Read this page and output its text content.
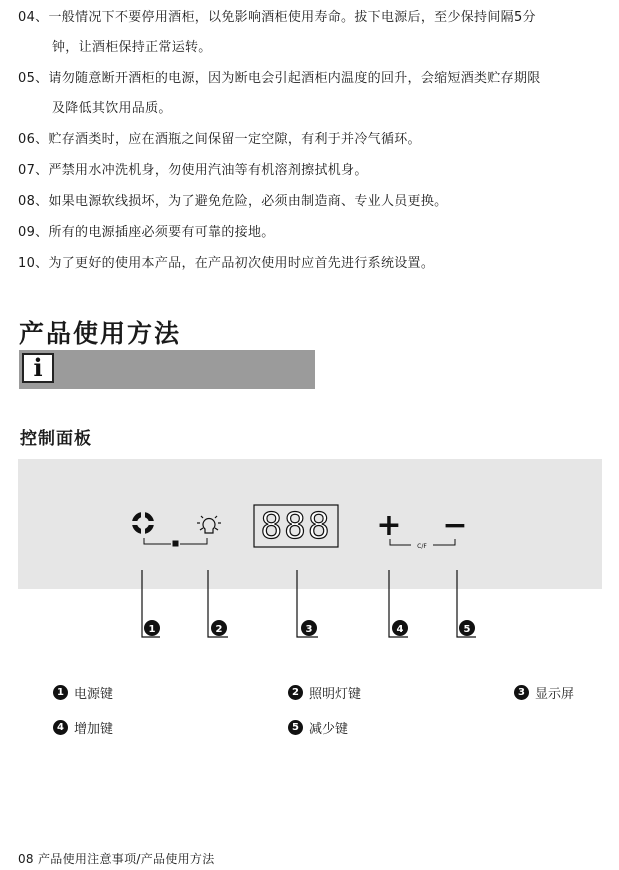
04、一般情况下不要停用酒柜，以免影响酒柜使用寿命。拔下电源后，至少保持间隔5分
钟，让酒柜保持正常运转。
05、请勿随意断开酒柜的电源，因为断电会引起酒柜内温度的回升，会缩短酒类贮存期限
及降低其饮用品质。
06、贮存酒类时，应在酒瓶之间保留一定空隙，有利于并冷气循环。
07、严禁用水冲洗机身，勿使用汽油等有机溶剂擦拭机身。
08、如果电源软线损坏，为了避免危险，必须由制造商、专业人员更换。
09、所有的电源插座必须要有可靠的接地。
10、为了更好的使用本产品，在产品初次使用时应首先进行系统设置。
产品使用方法
i
控制面板
888 + −
C/F
1	2	3	4	5
1 电源键	2 照明灯键	3 显示屏
4 增加键	5 减少键
08 产品使用注意事项/产品使用方法
